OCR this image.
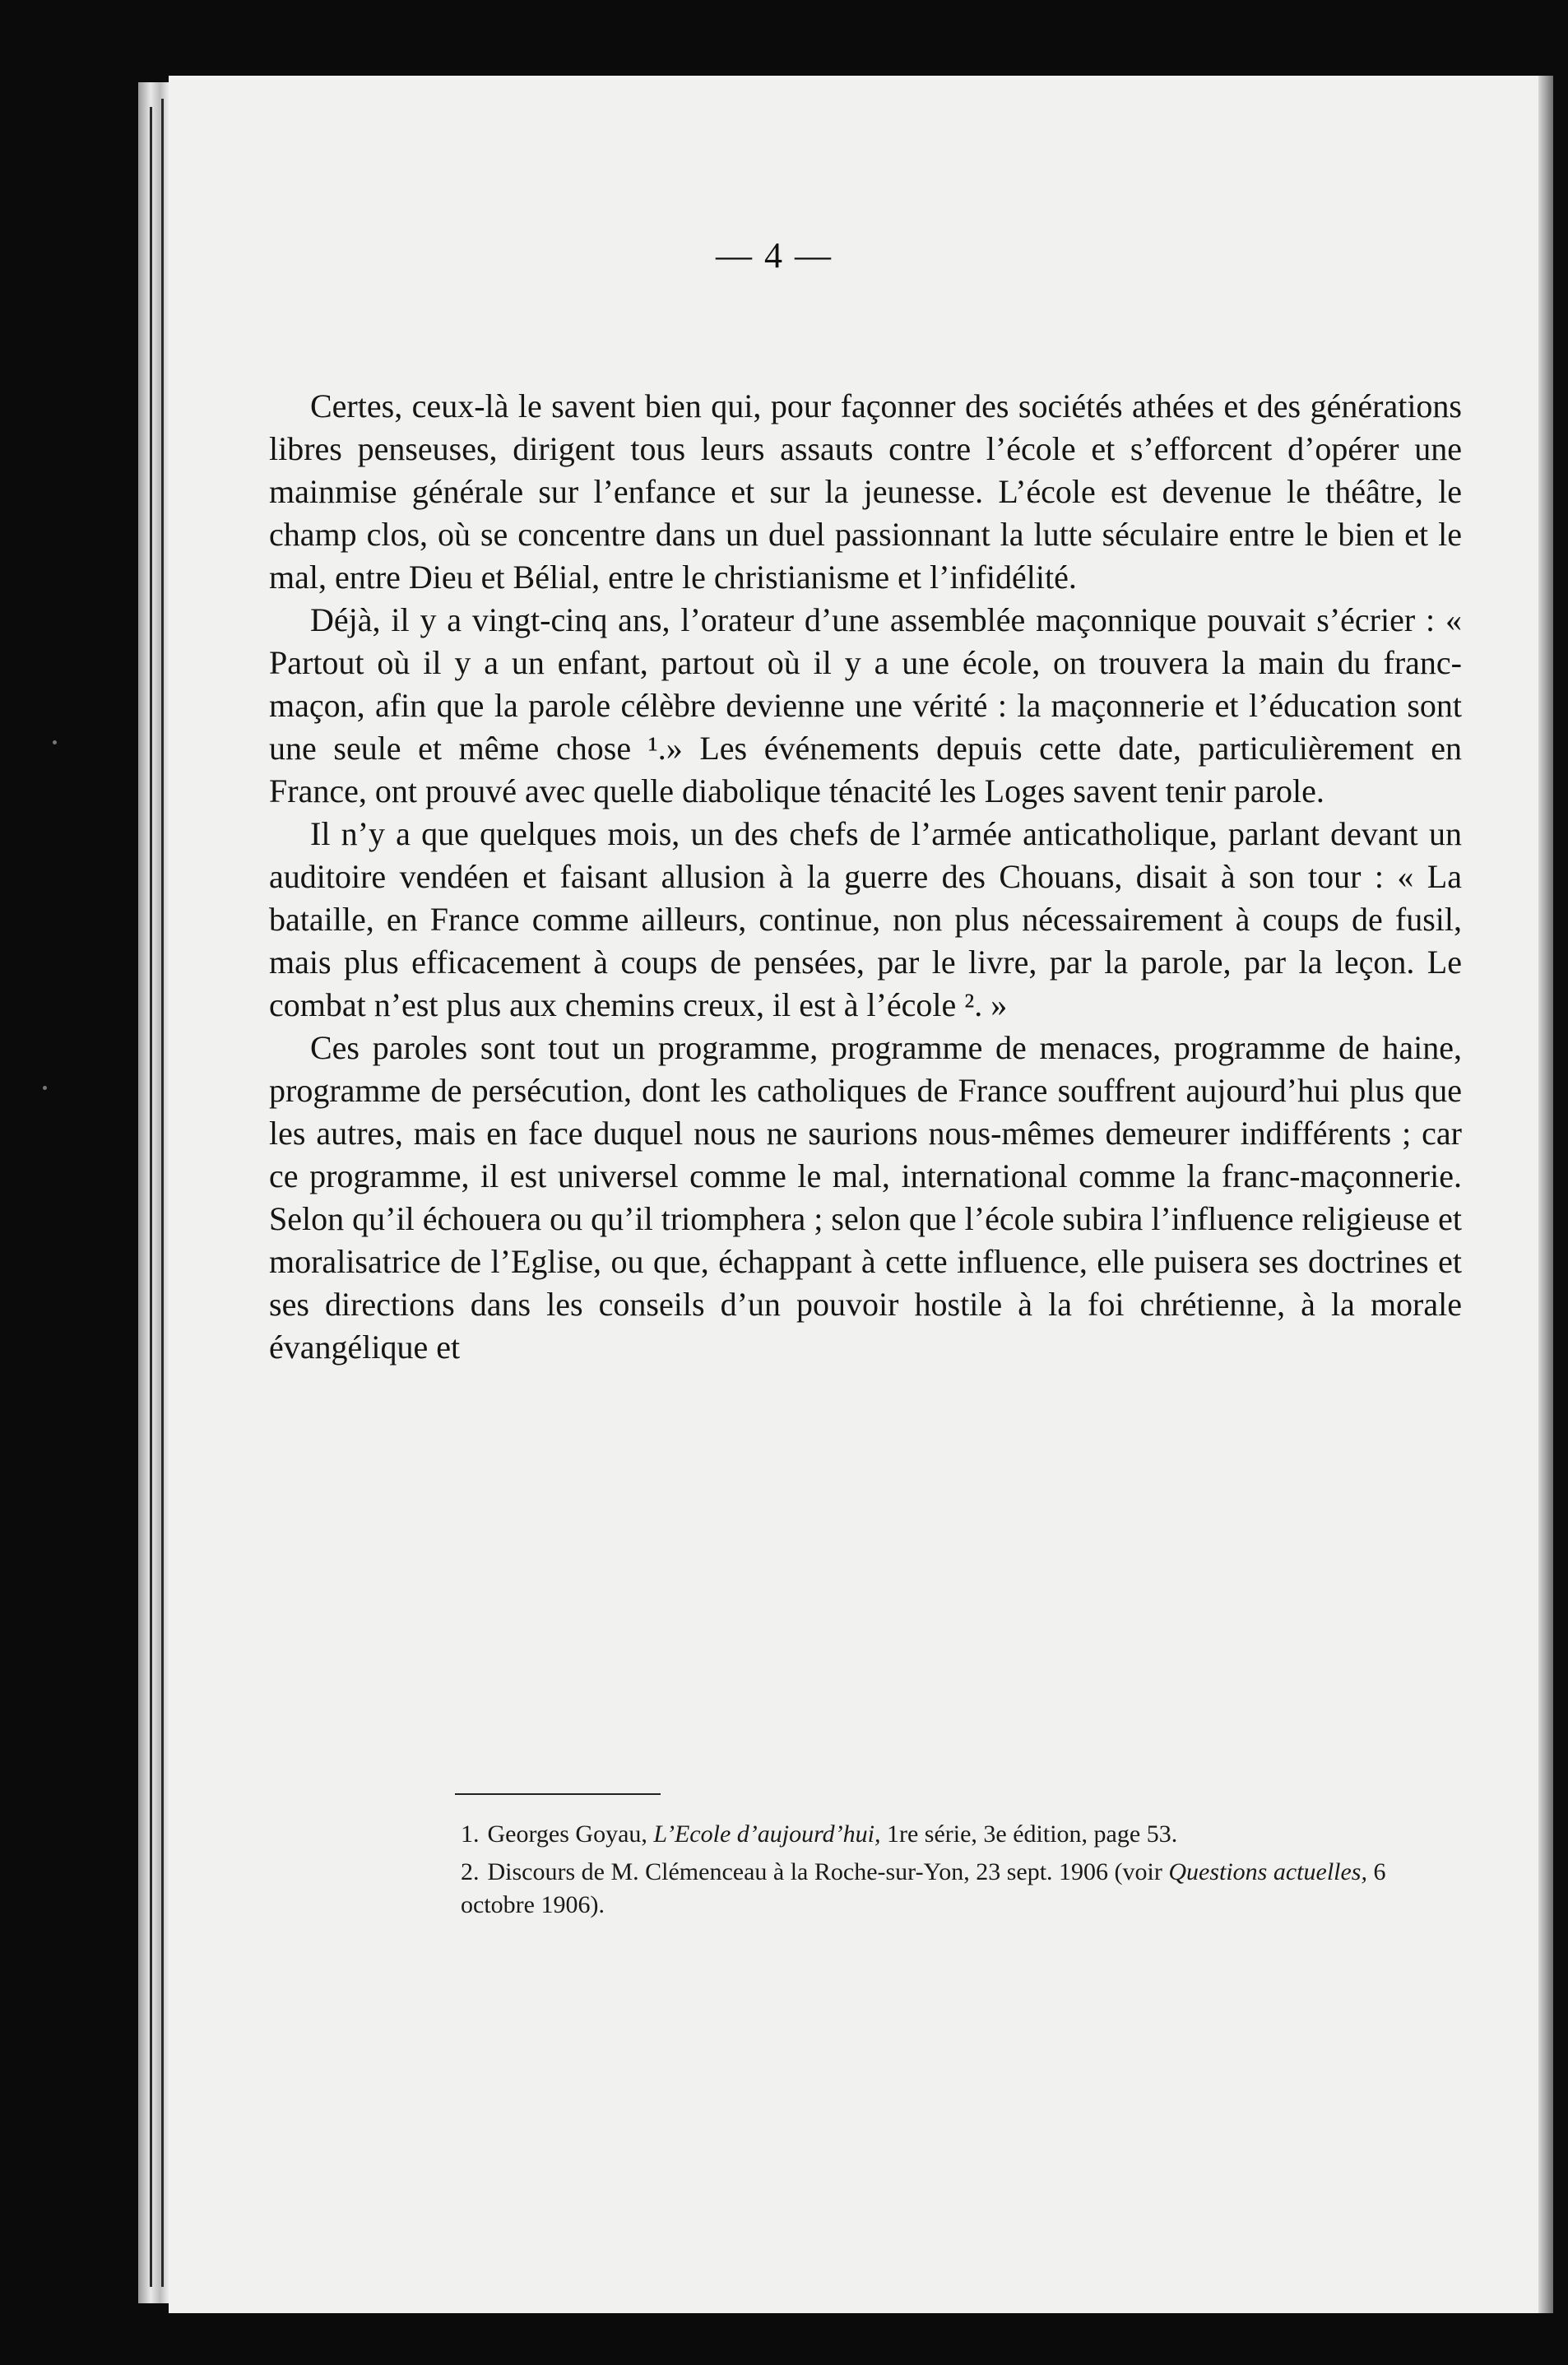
— 4 —

Certes, ceux-là le savent bien qui, pour façonner des sociétés athées et des générations libres penseuses, dirigent tous leurs assauts contre l’école et s’efforcent d’opérer une mainmise générale sur l’enfance et sur la jeunesse. L’école est devenue le théâtre, le champ clos, où se concentre dans un duel passionnant la lutte séculaire entre le bien et le mal, entre Dieu et Bélial, entre le christianisme et l’infidélité.

Déjà, il y a vingt-cinq ans, l’orateur d’une assemblée maçonnique pouvait s’écrier : « Partout où il y a un enfant, partout où il y a une école, on trouvera la main du franc-maçon, afin que la parole célèbre devienne une vérité : la maçonnerie et l’éducation sont une seule et même chose ¹.» Les événements depuis cette date, particulièrement en France, ont prouvé avec quelle diabolique ténacité les Loges savent tenir parole.

Il n’y a que quelques mois, un des chefs de l’armée anticatholique, parlant devant un auditoire vendéen et faisant allusion à la guerre des Chouans, disait à son tour : « La bataille, en France comme ailleurs, continue, non plus nécessairement à coups de fusil, mais plus efficacement à coups de pensées, par le livre, par la parole, par la leçon. Le combat n’est plus aux chemins creux, il est à l’école ². »

Ces paroles sont tout un programme, programme de menaces, programme de haine, programme de persécution, dont les catholiques de France souffrent aujourd’hui plus que les autres, mais en face duquel nous ne saurions nous-mêmes demeurer indifférents ; car ce programme, il est universel comme le mal, international comme la franc-maçonnerie. Selon qu’il échouera ou qu’il triomphera ; selon que l’école subira l’influence religieuse et moralisatrice de l’Eglise, ou que, échappant à cette influence, elle puisera ses doctrines et ses directions dans les conseils d’un pouvoir hostile à la foi chrétienne, à la morale évangélique et

1. Georges Goyau, L’Ecole d’aujourd’hui, 1re série, 3e édition, page 53.

2. Discours de M. Clémenceau à la Roche-sur-Yon, 23 sept. 1906 (voir Questions actuelles, 6 octobre 1906).
